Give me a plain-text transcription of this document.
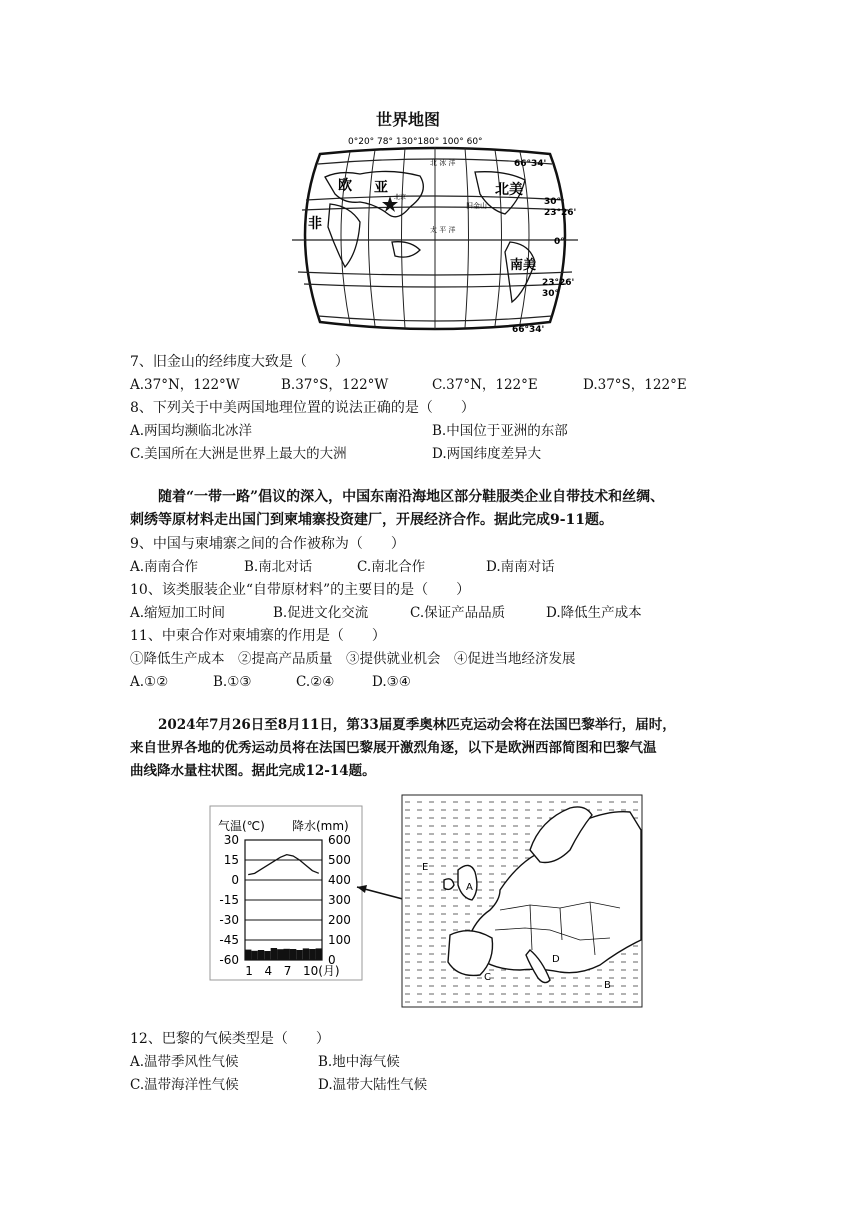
世界地图
0°20° 78° 130°180° 100° 60°
北 冰 洋
欧 亚
非
北京	北美
旧金山
太 平 洋
南美
66°34'
30°
23°26'
0°
23°26'
30°
66°34'
7、旧金山的经纬度大致是（　　）
A.37°N，122°W	B.37°S，122°W	C.37°N，122°E	D.37°S，122°E
8、下列关于中美两国地理位置的说法正确的是（　　）
A.两国均濒临北冰洋	B.中国位于亚洲的东部
C.美国所在大洲是世界上最大的大洲	D.两国纬度差异大
随着“一带一路”倡议的深入，中国东南沿海地区部分鞋服类企业自带技术和丝绸、
刺绣等原材料走出国门到柬埔寨投资建厂，开展经济合作。据此完成9-11题。
9、中国与柬埔寨之间的合作被称为（　　）
A.南南合作	B.南北对话	C.南北合作	D.南南对话
10、该类服装企业“自带原材料”的主要目的是（　　）
A.缩短加工时间	B.促进文化交流	C.保证产品品质	D.降低生产成本
11、中柬合作对柬埔寨的作用是（　　）
①降低生产成本　②提高产品质量　③提供就业机会　④促进当地经济发展
A.①②	B.①③	C.②④	D.③④
2024年7月26日至8月11日，第33届夏季奥林匹克运动会将在法国巴黎举行，届时，
来自世界各地的优秀运动员将在法国巴黎展开激烈角逐，以下是欧洲西部简图和巴黎气温
曲线降水量柱状图。据此完成12-14题。
气温(℃) 降水(mm)
30
15
0
-15
-30
-45
-60
600
500
400
300
200
100
0
1 4 7 10(月)
E
A
C
D
B
12、巴黎的气候类型是（　　）
A.温带季风性气候	B.地中海气候
C.温带海洋性气候	D.温带大陆性气候
